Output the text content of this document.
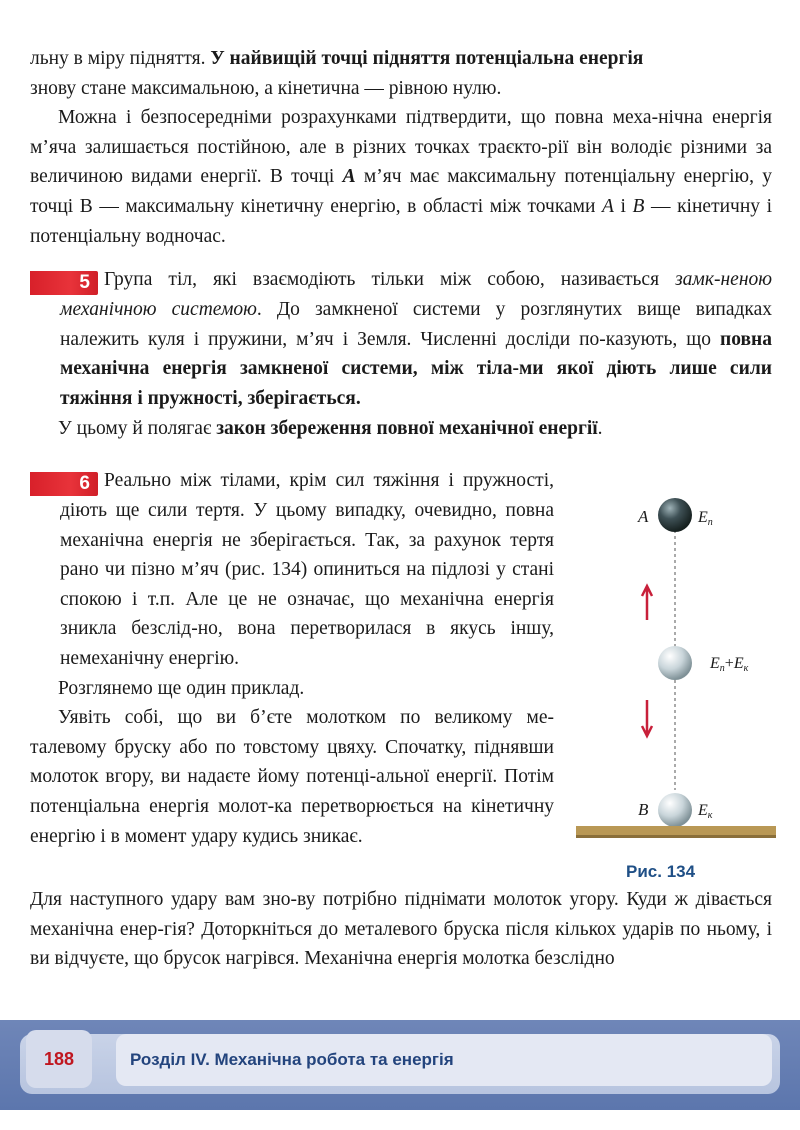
льну в міру підняття. У найвищій точці підняття потенціальна енергія
знову стане максимальною, а кінетична — рівною нулю.

Можна і безпосередніми розрахунками підтвердити, що повна меха-нічна енергія м’яча залишається постійною, але в різних точках траєкто-рії він володіє різними за величиною видами енергії. В точці A м’яч має максимальну потенціальну енергію, у точці В — максимальну кінетичну енергію, в області між точками A і B — кінетичну і потенціальну водночас.

5 Група тіл, які взаємодіють тільки між собою, називається замк-неною механічною системою. До замкненої системи у розглянутих вище випадках належить куля і пружини, м’яч і Земля. Численні досліди по-казують, що повна механічна енергія замкненої системи, між тіла-ми якої діють лише сили тяжіння і пружності, зберігається.

У цьому й полягає закон збереження повної механічної енергії.

6 Реально між тілами, крім сил тяжіння і пружності, діють ще сили тертя. У цьому випадку, очевидно, повна механічна енергія не зберігається. Так, за рахунок тертя рано чи пізно м’яч (рис. 134) опиниться на підлозі у стані спокою і т.п. Але це не означає, що механічна енергія зникла безслід-но, вона перетворилася в якусь іншу, немеханічну енергію.

Розглянемо ще один приклад.

Уявіть собі, що ви б’єте молотком по великому ме-талевому бруску або по товстому цвяху. Спочатку, піднявши молоток вгору, ви надаєте йому потенці-альної енергії. Потім потенціальна енергія молот-ка перетворюється на кінетичну енергію і в момент удару кудись зникає.

Для наступного удару вам зно-ву потрібно піднімати молоток угору. Куди ж дівається механічна енер-гія? Доторкніться до металевого бруска після кількох ударів по ньому, і ви відчуєте, що брусок нагрівся. Механічна енергія молотка безслідно

A	Eп
Eп+Eк
B	Eк
Рис. 134
188	Розділ IV. Механічна робота та енергія
